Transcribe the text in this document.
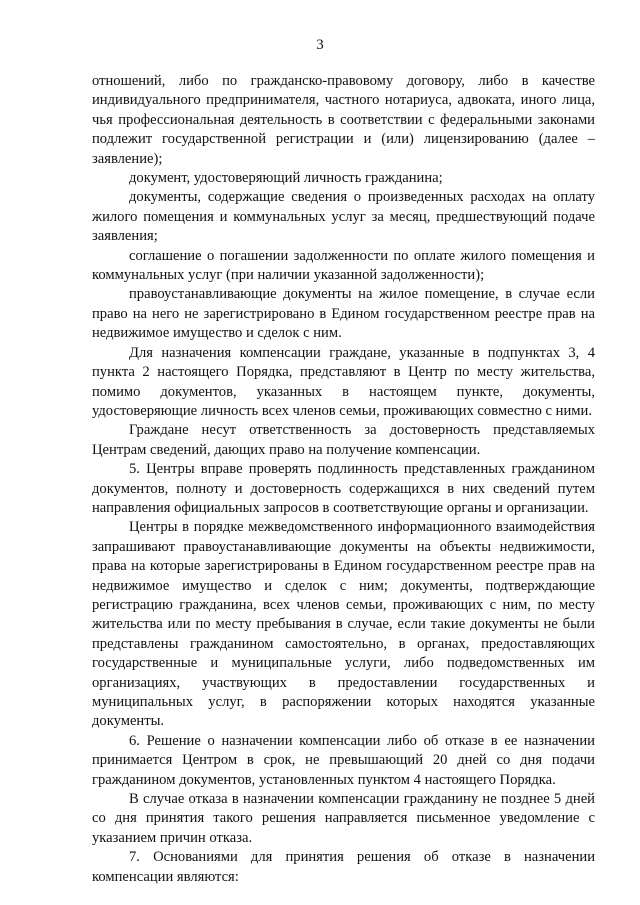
3

отношений, либо по гражданско-правовому договору, либо в качестве индивидуального предпринимателя, частного нотариуса, адвоката, иного лица, чья профессиональная деятельность в соответствии с федеральными законами подлежит государственной регистрации и (или) лицензированию (далее – заявление);

документ, удостоверяющий личность гражданина;

документы, содержащие сведения о произведенных расходах на оплату жилого помещения и коммунальных услуг за месяц, предшествующий подаче заявления;

соглашение о погашении задолженности по оплате жилого помещения и коммунальных услуг (при наличии указанной задолженности);

правоустанавливающие документы на жилое помещение, в случае если право на него не зарегистрировано в Едином государственном реестре прав на недвижимое имущество и сделок с ним.

Для назначения компенсации граждане, указанные в подпунктах 3, 4 пункта 2 настоящего Порядка, представляют в Центр по месту жительства, помимо документов, указанных в настоящем пункте, документы, удостоверяющие личность всех членов семьи, проживающих совместно с ними.

Граждане несут ответственность за достоверность представляемых Центрам сведений, дающих право на получение компенсации.

5. Центры вправе проверять подлинность представленных гражданином документов, полноту и достоверность содержащихся в них сведений путем направления официальных запросов в соответствующие органы и организации.

Центры в порядке межведомственного информационного взаимодействия запрашивают правоустанавливающие документы на объекты недвижимости, права на которые зарегистрированы в Едином государственном реестре прав на недвижимое имущество и сделок с ним; документы, подтверждающие регистрацию гражданина, всех членов семьи, проживающих с ним, по месту жительства или по месту пребывания в случае, если такие документы не были представлены гражданином самостоятельно, в органах, предоставляющих государственные и муниципальные услуги, либо подведомственных им организациях, участвующих в предоставлении государственных и муниципальных услуг, в распоряжении которых находятся указанные документы.

6. Решение о назначении компенсации либо об отказе в ее назначении принимается Центром в срок, не превышающий 20 дней со дня подачи гражданином документов, установленных пунктом 4 настоящего Порядка.

В случае отказа в назначении компенсации гражданину не позднее 5 дней со дня принятия такого решения направляется письменное уведомление с указанием причин отказа.

7. Основаниями для принятия решения об отказе в назначении компенсации являются:
